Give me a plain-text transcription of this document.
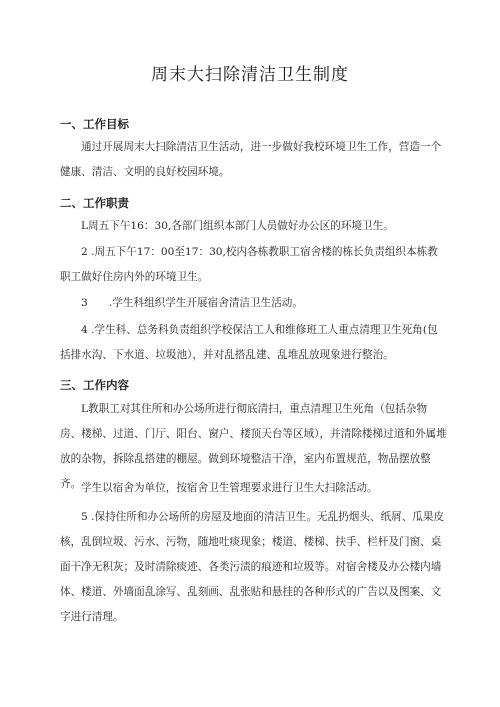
周末大扫除清洁卫生制度
一、工作目标

通过开展周末大扫除清洁卫生活动，进一步做好我校环境卫生工作，营造一个健康、清洁、文明的良好校园环境。

二、工作职责

L周五下午16：30,各部门组织本部门人员做好办公区的环境卫生。

2 .周五下午17：00至17：30,校内各栋教职工宿舍楼的栋长负责组织本栋教职工做好住房内外的环境卫生。

3　　.学生科组织学生开展宿舍清洁卫生活动。

4 .学生科、总务科负责组织学校保洁工人和维修班工人重点清理卫生死角(包括排水沟、下水道、垃圾池），并对乱搭乱建、乱堆乱放现象进行整治。

三、工作内容

L教职工对其住所和办公场所进行彻底清扫，重点清理卫生死角（包括杂物房、楼梯、过道、门厅、阳台、窗户、楼顶天台等区域），并清除楼梯过道和外属堆放的杂物，拆除乱搭建的棚屋。做到环境整洁干净，室内布置规范，物品摆放整齐。 学生以宿舍为单位，按宿舍卫生管理要求进行卫生大扫除活动。

5 .保持住所和办公场所的房屋及地面的清洁卫生。无乱扔烟头、纸屑、瓜果皮核，乱倒垃圾、污水、污物，随地吐痰现象；楼道、楼梯、扶手、栏杆及门窗、桌面干净无积灰；及时清除痰迹、各类污渍的痕迹和垃圾等。对宿舍楼及办公楼内墙体、楼道、外墙面乱涂写、乱刻画、乱张贴和悬挂的各种形式的广告以及图案、文字进行清理。
